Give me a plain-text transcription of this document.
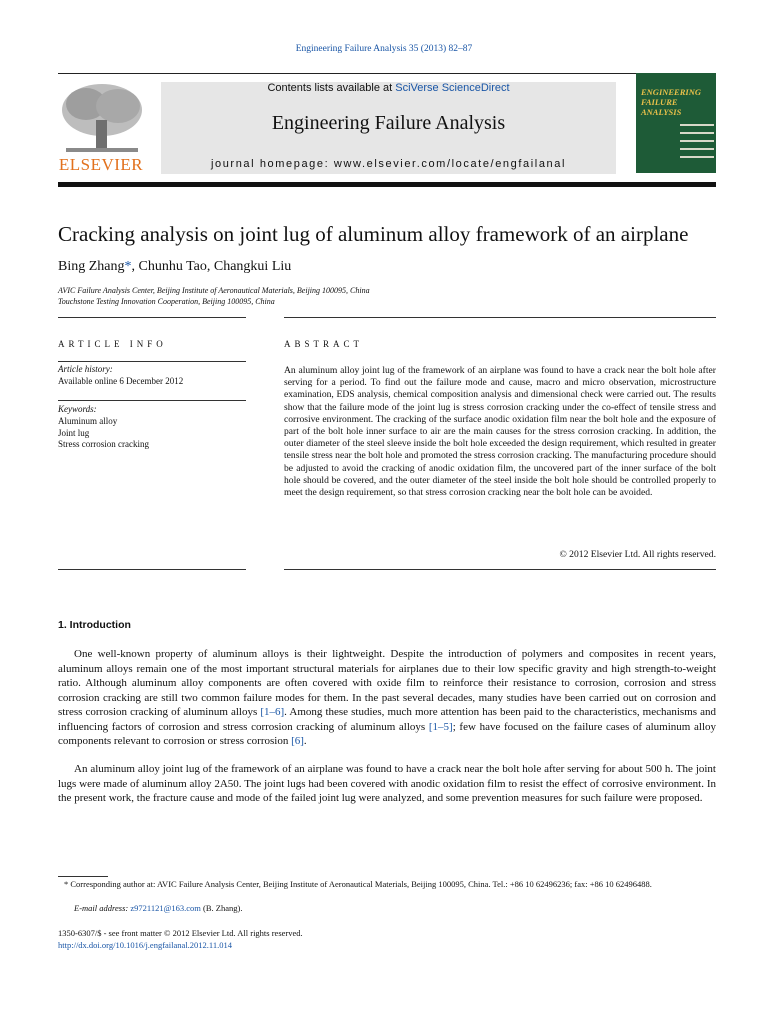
Engineering Failure Analysis 35 (2013) 82–87
ELSEVIER
Contents lists available at SciVerse ScienceDirect
Engineering Failure Analysis
journal homepage: www.elsevier.com/locate/engfailanal
ENGINEERING FAILURE ANALYSIS
Cracking analysis on joint lug of aluminum alloy framework of an airplane
Bing Zhang*, Chunhu Tao, Changkui Liu
AVIC Failure Analysis Center, Beijing Institute of Aeronautical Materials, Beijing 100095, China
Touchstone Testing Innovation Cooperation, Beijing 100095, China
ARTICLE INFO	ABSTRACT
Article history:
Available online 6 December 2012
Keywords:
Aluminum alloy
Joint lug
Stress corrosion cracking
An aluminum alloy joint lug of the framework of an airplane was found to have a crack near the bolt hole after serving for a period. To find out the failure mode and cause, macro and micro observation, microstructure examination, EDS analysis, chemical composition analysis and dimensional check were carried out. The results show that the failure mode of the joint lug is stress corrosion cracking under the co-effect of tensile stress and corrosive environment. The cracking of the surface anodic oxidation film near the bolt hole and the exposure of part of the bolt hole inner surface to air are the main causes for the stress corrosion cracking. In addition, the outer diameter of the steel sleeve inside the bolt hole exceeded the design requirement, which resulted in greater tensile stress near the bolt hole and promoted the stress corrosion cracking. The manufacturing procedure should be adjusted to avoid the cracking of anodic oxidation film, the uncovered part of the inner surface of the bolt hole should be covered, and the outer diameter of the steel inside the bolt hole should be controlled properly to meet the design requirement, so that stress corrosion cracking near the bolt hole can be avoided.
© 2012 Elsevier Ltd. All rights reserved.
1. Introduction
One well-known property of aluminum alloys is their lightweight. Despite the introduction of polymers and composites in recent years, aluminum alloys remain one of the most important structural materials for airplanes due to their low specific gravity and high strength-to-weight ratio. Although aluminum alloy components are often covered with oxide film to reinforce their resistance to corrosion, corrosion and stress corrosion cracking are still two common failure modes for them. In the past several decades, many studies have been carried out on corrosion and stress corrosion cracking of aluminum alloys [1–6]. Among these studies, much more attention has been paid to the characteristics, mechanisms and influencing factors of corrosion and stress corrosion cracking of aluminum alloys [1–5]; few have focused on the failure cases of aluminum alloy components relevant to corrosion or stress corrosion [6].
An aluminum alloy joint lug of the framework of an airplane was found to have a crack near the bolt hole after serving for about 500 h. The joint lugs were made of aluminum alloy 2A50. The joint lugs had been covered with anodic oxidation film to resist the effect of corrosive environment. In the present work, the fracture cause and mode of the failed joint lug were analyzed, and some prevention measures for such failure were proposed.
* Corresponding author at: AVIC Failure Analysis Center, Beijing Institute of Aeronautical Materials, Beijing 100095, China. Tel.: +86 10 62496236; fax: +86 10 62496488.
E-mail address: z9721121@163.com (B. Zhang).
1350-6307/$ - see front matter © 2012 Elsevier Ltd. All rights reserved.
http://dx.doi.org/10.1016/j.engfailanal.2012.11.014
